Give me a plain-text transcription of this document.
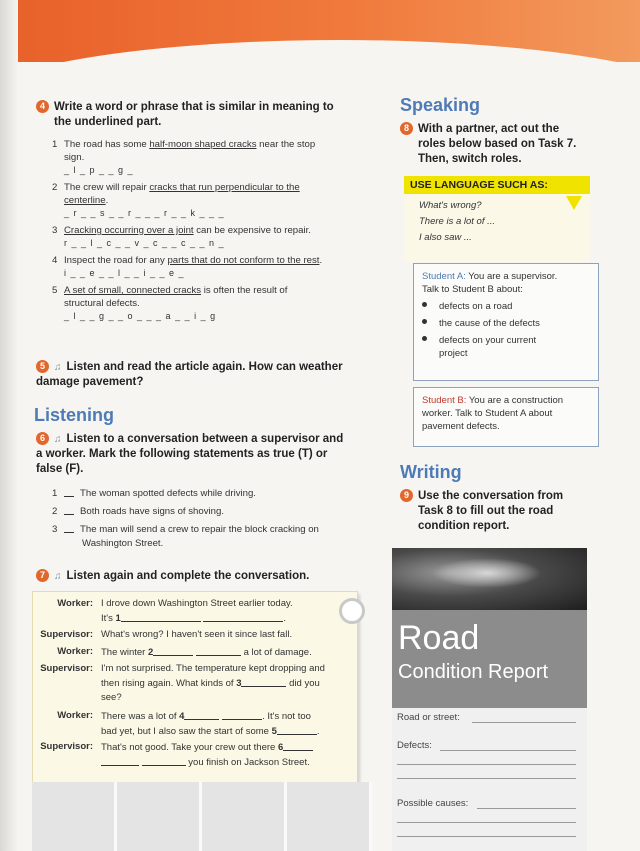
4 Write a word or phrase that is similar in meaning to
the underlined part.
1 The road has some half-moon shaped cracks near the stop
sign.
_ l _ p _ _ g _
2 The crew will repair cracks that run perpendicular to the
centerline.
_ r _ _ s _ _ r _ _ _ r _ _ k _ _ _
3 Cracking occurring over a joint can be expensive to repair.
r _ _ l _ c _ _ v _ c _ _ c _ _ n _
4 Inspect the road for any parts that do not conform to the rest.
i _ _ e _ _ l _ _ i _ _ e _
5 A set of small, connected cracks is often the result of
structural defects.
_ l _ _ g _ _ o _ _ _ a _ _ i _ g
5 ♫ Listen and read the article again. How can weather
damage pavement?
Listening
6 ♫ Listen to a conversation between a supervisor and
a worker. Mark the following statements as true (T) or
false (F).
1 The woman spotted defects while driving.
2 Both roads have signs of shoving.
3 The man will send a crew to repair the block cracking on
Washington Street.
7 ♫ Listen again and complete the conversation.
Worker: I drove down Washington Street earlier today.
It's 1	.
Supervisor: What's wrong? I haven't seen it since last fall.
Worker: The winter 2	a lot of damage.
Supervisor: I'm not surprised. The temperature kept dropping and
then rising again. What kinds of 3	did you
see?
Worker: There was a lot of 4	. It's not too
bad yet, but I also saw the start of some 5	.
Supervisor: That's not good. Take your crew out there 6
you finish on Jackson Street.
Speaking
8 With a partner, act out the
roles below based on Task 7.
Then, switch roles.
USE LANGUAGE SUCH AS:
What's wrong?
There is a lot of ...
I also saw ...
Student A: You are a supervisor.
Talk to Student B about:
defects on a road
the cause of the defects
defects on your current
project
Student B: You are a construction
worker. Talk to Student A about
pavement defects.
Writing
9 Use the conversation from
Task 8 to fill out the road
condition report.
Road
Condition Report
Road or street:
Defects:
Possible causes:
